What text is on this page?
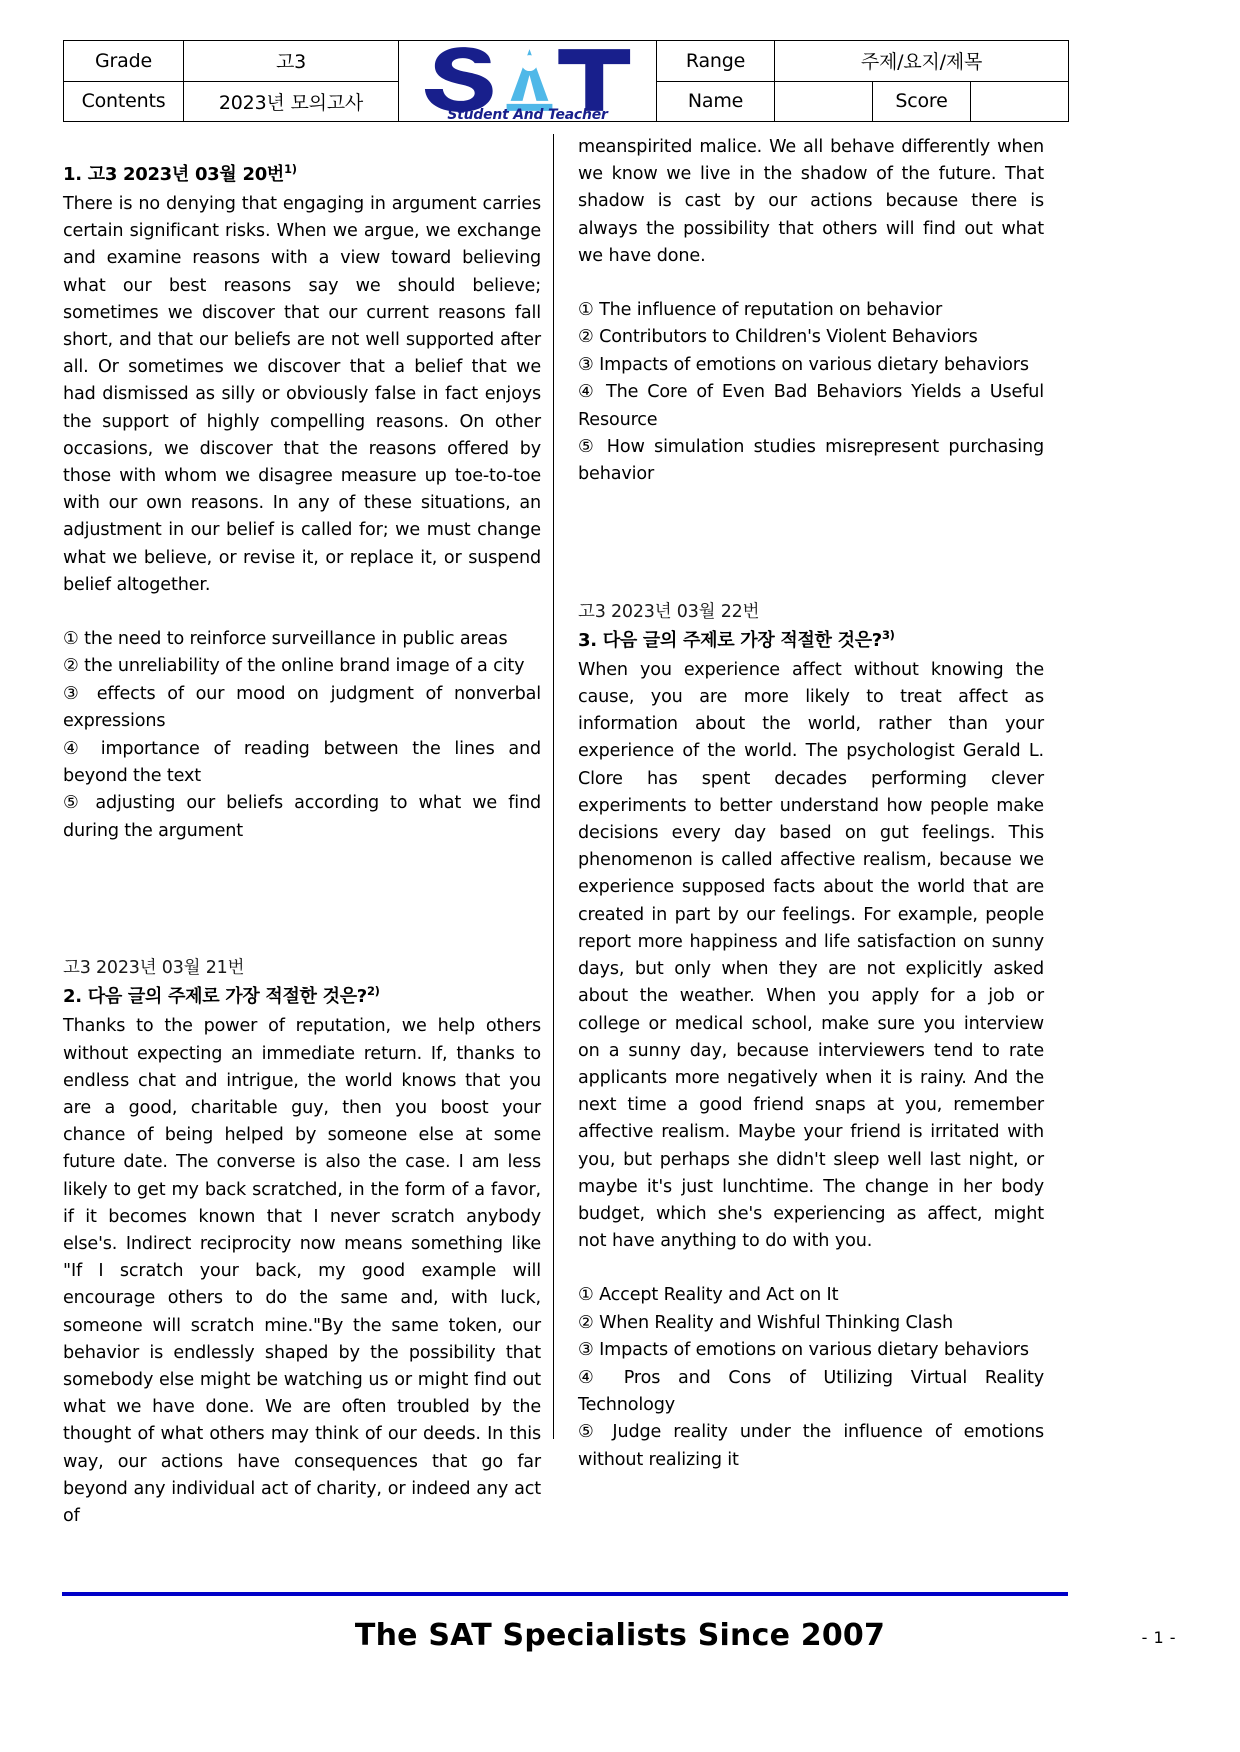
Grade	고3	Student And Teacher	Range	주제/요지/제목		
Contents	2023년 모의고사		Name		Score	
1. 고3 2023년 03월 20번$^{1)}$

There is no denying that engaging in argument carries certain significant risks. When we argue, we exchange and examine reasons with a view toward believing what our best reasons say we should believe; sometimes we discover that our current reasons fall short, and that our beliefs are not well supported after all. Or sometimes we discover that a belief that we had dismissed as silly or obviously false in fact enjoys the support of highly compelling reasons. On other occasions, we discover that the reasons offered by those with whom we disagree measure up toe-to-toe with our own reasons. In any of these situations, an adjustment in our belief is called for; we must change what we believe, or revise it, or replace it, or suspend belief altogether.

① the need to reinforce surveillance in public areas

② the unreliability of the online brand image of a city

③ effects of our mood on judgment of nonverbal expressions

④ importance of reading between the lines and beyond the text

⑤ adjusting our beliefs according to what we find during the argument

고3 2023년 03월 21번
2. 다음 글의 주제로 가장 적절한 것은?$^{2)}$

Thanks to the power of reputation, we help others without expecting an immediate return. If, thanks to endless chat and intrigue, the world knows that you are a good, charitable guy, then you boost your chance of being helped by someone else at some future date. The converse is also the case. I am less likely to get my back scratched, in the form of a favor, if it becomes known that I never scratch anybody else's. Indirect reciprocity now means something like "If I scratch your back, my good example will encourage others to do the same and, with luck, someone will scratch mine."By the same token, our behavior is endlessly shaped by the possibility that somebody else might be watching us or might find out what we have done. We are often troubled by the thought of what others may think of our deeds. In this way, our actions have consequences that go far beyond any individual act of charity, or indeed any act of

meanspirited malice. We all behave differently when we know we live in the shadow of the future. That shadow is cast by our actions because there is always the possibility that others will find out what we have done.

① The influence of reputation on behavior

② Contributors to Children's Violent Behaviors

③ Impacts of emotions on various dietary behaviors

④ The Core of Even Bad Behaviors Yields a Useful Resource

⑤ How simulation studies misrepresent purchasing behavior

고3 2023년 03월 22번
3. 다음 글의 주제로 가장 적절한 것은?$^{3)}$

When you experience affect without knowing the cause, you are more likely to treat affect as information about the world, rather than your experience of the world. The psychologist Gerald L. Clore has spent decades performing clever experiments to better understand how people make decisions every day based on gut feelings. This phenomenon is called affective realism, because we experience supposed facts about the world that are created in part by our feelings. For example, people report more happiness and life satisfaction on sunny days, but only when they are not explicitly asked about the weather. When you apply for a job or college or medical school, make sure you interview on a sunny day, because interviewers tend to rate applicants more negatively when it is rainy. And the next time a good friend snaps at you, remember affective realism. Maybe your friend is irritated with you, but perhaps she didn't sleep well last night, or maybe it's just lunchtime. The change in her body budget, which she's experiencing as affect, might not have anything to do with you.

① Accept Reality and Act on It

② When Reality and Wishful Thinking Clash

③ Impacts of emotions on various dietary behaviors

④ Pros and Cons of Utilizing Virtual Reality Technology

⑤ Judge reality under the influence of emotions without realizing it

The SAT Specialists Since 2007	- 1 -
